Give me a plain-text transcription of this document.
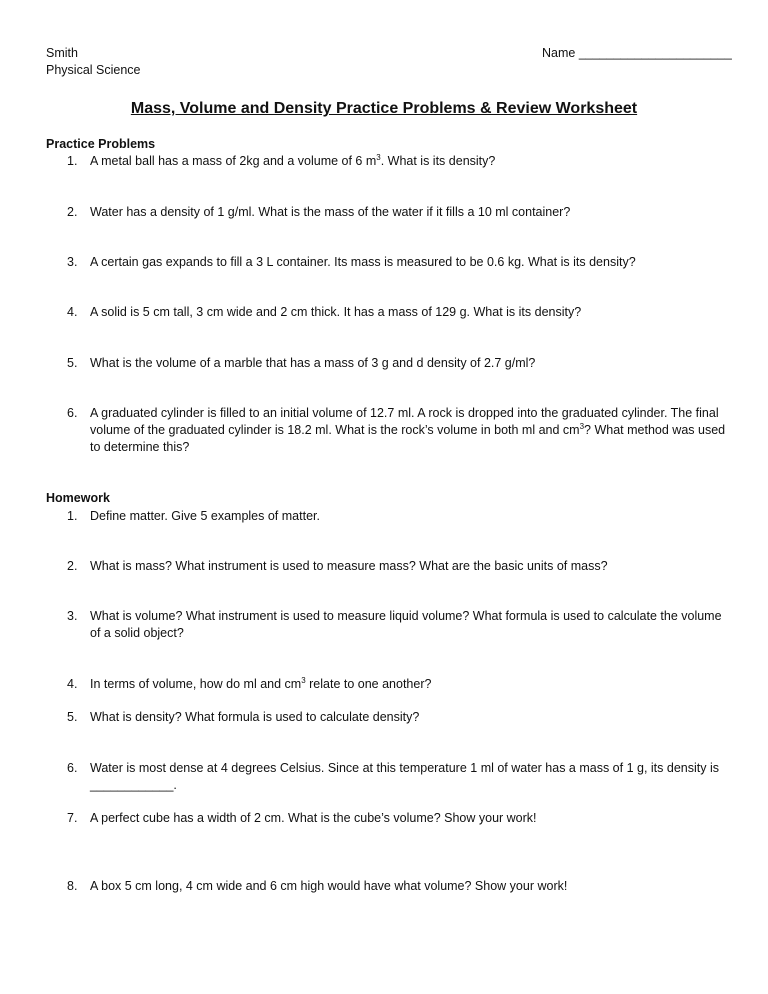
Smith
Physical Science
Name ______________________
Mass, Volume and Density Practice Problems & Review Worksheet
Practice Problems
1. A metal ball has a mass of 2kg and a volume of 6 $m^3$. What is its density?
2. Water has a density of 1 g/ml. What is the mass of the water if it fills a 10 ml container?
3. A certain gas expands to fill a 3 L container. Its mass is measured to be 0.6 kg. What is its density?
4. A solid is 5 cm tall, 3 cm wide and 2 cm thick. It has a mass of 129 g. What is its density?
5. What is the volume of a marble that has a mass of 3 g and d density of 2.7 g/ml?
6. A graduated cylinder is filled to an initial volume of 12.7 ml. A rock is dropped into the graduated cylinder. The final volume of the graduated cylinder is 18.2 ml. What is the rock’s volume in both ml and $cm^3$? What method was used to determine this?
Homework
1. Define matter. Give 5 examples of matter.
2. What is mass? What instrument is used to measure mass? What are the basic units of mass?
3. What is volume? What instrument is used to measure liquid volume? What formula is used to calculate the volume of a solid object?
4. In terms of volume, how do ml and $cm^3$ relate to one another?
5. What is density? What formula is used to calculate density?
6. Water is most dense at 4 degrees Celsius. Since at this temperature 1 ml of water has a mass of 1 g, its density is ____________.
7. A perfect cube has a width of 2 cm. What is the cube’s volume? Show your work!
8. A box 5 cm long, 4 cm wide and 6 cm high would have what volume? Show your work!
